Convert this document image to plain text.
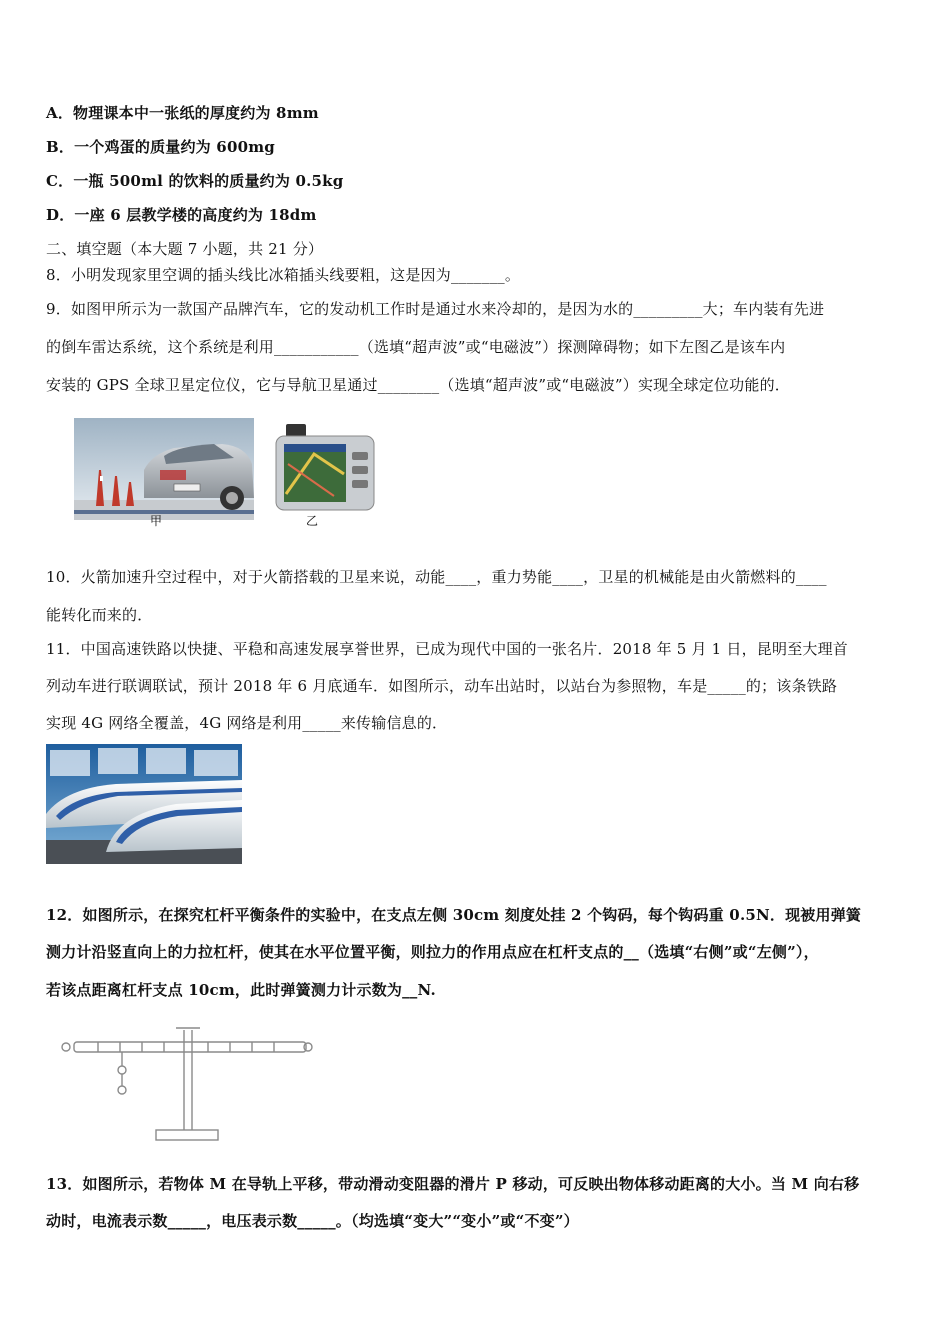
A．物理课本中一张纸的厚度约为 8mm
B．一个鸡蛋的质量约为 600mg
C．一瓶 500ml 的饮料的质量约为 0.5kg
D．一座 6 层教学楼的高度约为 18dm
二、填空题（本大题 7 小题，共 21 分）
8．小明发现家里空调的插头线比冰箱插头线要粗，这是因为_______。
9．如图甲所示为一款国产品牌汽车，它的发动机工作时是通过水来冷却的，是因为水的_________大；车内装有先进
的倒车雷达系统，这个系统是利用___________（选填“超声波”或“电磁波”）探测障碍物；如下左图乙是该车内
安装的 GPS 全球卫星定位仪，它与导航卫星通过________（选填“超声波”或“电磁波”）实现全球定位功能的．
甲	乙
10．火箭加速升空过程中，对于火箭搭载的卫星来说，动能____，重力势能____，卫星的机械能是由火箭燃料的____
能转化而来的．
11．中国高速铁路以快捷、平稳和高速发展享誉世界，已成为现代中国的一张名片．2018 年 5 月 1 日，昆明至大理首
列动车进行联调联试，预计 2018 年 6 月底通车．如图所示，动车出站时，以站台为参照物，车是_____的；该条铁路
实现 4G 网络全覆盖，4G 网络是利用_____来传输信息的．
12．如图所示，在探究杠杆平衡条件的实验中，在支点左侧 30cm 刻度处挂 2 个钩码，每个钩码重 0.5N．现被用弹簧
测力计沿竖直向上的力拉杠杆，使其在水平位置平衡，则拉力的作用点应在杠杆支点的__（选填“右侧”或“左侧”），
若该点距离杠杆支点 10cm，此时弹簧测力计示数为__N.
13．如图所示，若物体 M 在导轨上平移，带动滑动变阻器的滑片 P 移动，可反映出物体移动距离的大小。当 M 向右移
动时，电流表示数_____，电压表示数_____。（均选填“变大”“变小”或“不变”）
